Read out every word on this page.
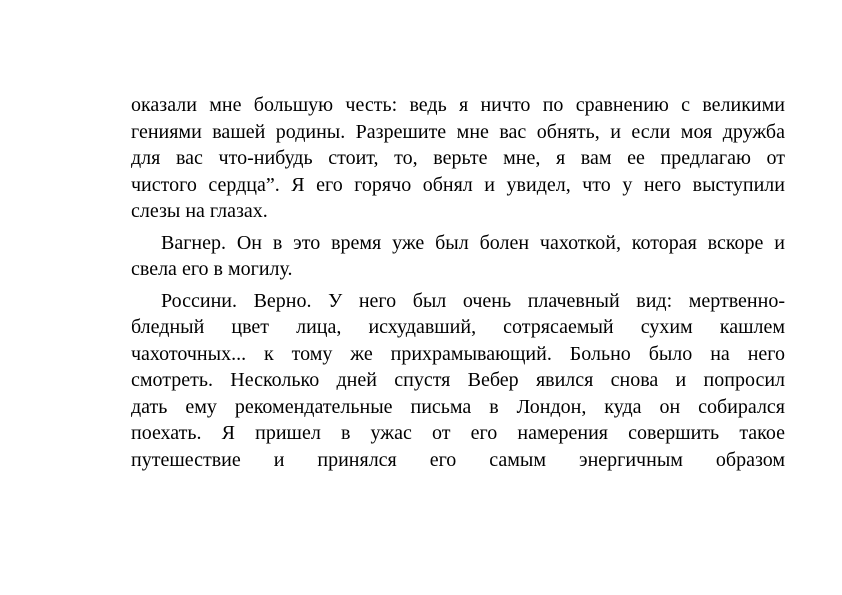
оказали мне большую честь: ведь я ничто по сравнению с великими
гениями вашей родины. Разрешите мне вас обнять, и если моя дружба
для вас что-нибудь стоит, то, верьте мне, я вам ее предлагаю от
чистого сердца”. Я его горячо обнял и увидел, что у него выступили
слезы на глазах.
Вагнер. Он в это время уже был болен чахоткой, которая вскоре и
свела его в могилу.
Россини. Верно. У него был очень плачевный вид: мертвенно-
бледный цвет лица, исхудавший, сотрясаемый сухим кашлем
чахоточных... к тому же прихрамывающий. Больно было на него
смотреть. Несколько дней спустя Вебер явился снова и попросил
дать ему рекомендательные письма в Лондон, куда он собирался
поехать. Я пришел в ужас от его намерения совершить такое
путешествие и принялся его самым энергичным образом
